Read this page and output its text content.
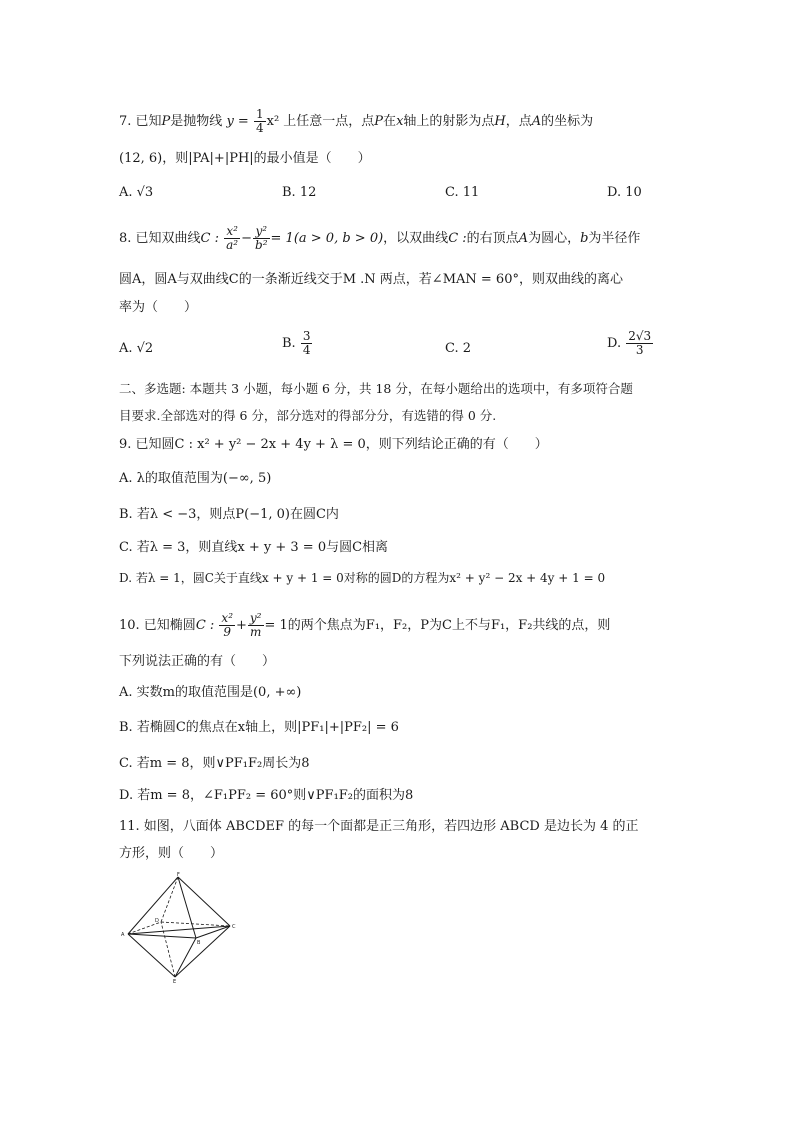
7. 已知P是抛物线 $y = \frac{1}{4} x^2$ 上任意一点，点P在x轴上的射影为点H，点A的坐标为
(12, 6)，则|PA|+|PH|的最小值是（　　）
A. √3	B. 12	C. 11	D. 10
8. 已知双曲线C : $\frac{\text{x²}}{\text{a²}} - \frac{\text{y²}}{\text{b²}} = 1(a > 0$, b > 0)，以双曲线C :的右顶点A为圆心，b为半径作
圆A，圆A与双曲线C的一条渐近线交于M .N 两点，若∠MAN = 60°，则双曲线的离心
率为（　　）
A. √2	B. $\frac{3}{4}$	C. 2	D. $\frac{2√3}{3}$
二、多选题: 本题共 3 小题，每小题 6 分，共 18 分，在每小题给出的选项中，有多项符合题
目要求.全部选对的得 6 分，部分选对的得部分分，有选错的得 0 分.
9. 已知圆C : x² + y² − 2x + 4y + λ = 0，则下列结论正确的有（　　）
A. λ的取值范围为(−∞, 5)
B. 若λ < −3，则点P(−1, 0)在圆C内
C. 若λ = 3，则直线x + y + 3 = 0与圆C相离
D. 若λ = 1，圆C关于直线x + y + 1 = 0对称的圆D的方程为x² + y² − 2x + 4y + 1 = 0
10. 已知椭圆C : $\frac{\text{x²}}{9} + \frac{\text{y²}}{m} = 1$的两个焦点为F₁，F₂，P为C上不与F₁，F₂共线的点，则
下列说法正确的有（　　）
A. 实数m的取值范围是(0, +∞)
B. 若椭圆C的焦点在x轴上，则|PF₁|+|PF₂| = 6
C. 若m = 8，则∨PF₁F₂周长为8
D. 若m = 8，∠F₁PF₂ = 60°则∨PF₁F₂的面积为8
11. 如图，八面体 ABCDEF 的每一个面都是正三角形，若四边形 ABCD 是边长为 4 的正
方形，则（　　）
F
A
C
B
D
E
